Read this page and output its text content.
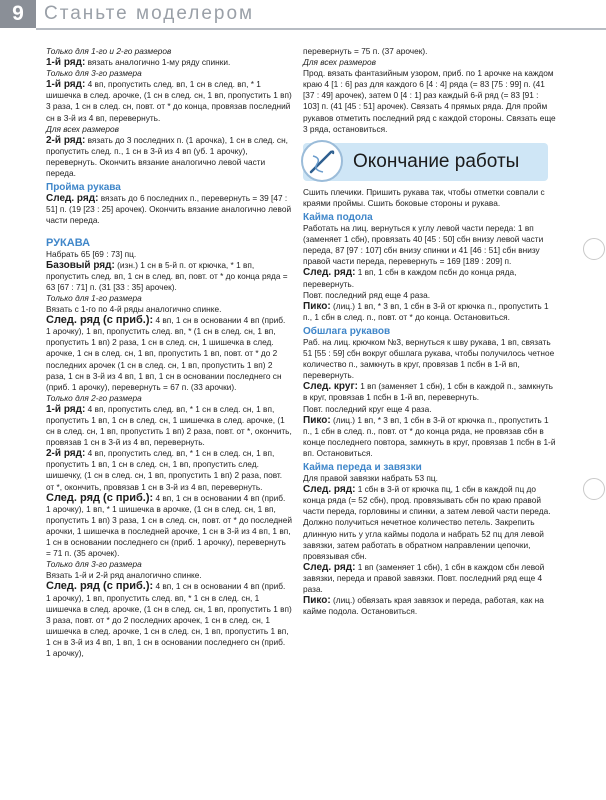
9	Станьте моделером

Только для 1-го и 2-го размеров

1-й ряд: вязать аналогично 1-му ряду спинки.

Только для 3-го размера

1-й ряд: 4 вп, пропустить след. вп, 1 сн в след. вп, * 1 шишечка в след. арочке, (1 сн в след. сн, 1 вп, пропустить 1 вп) 3 раза, 1 сн в след. сн, повт. от * до конца, провязав последний сн в 3-й из 4 вп, перевернуть.

Для всех размеров

2-й ряд: вязать до 3 последних п. (1 арочка), 1 сн в след. сн, пропустить след. п., 1 сн в 3-й из 4 вп (уб. 1 арочку), перевернуть. Окончить вязание аналогично левой части переда.

Пройма рукава

След. ряд: вязать до 6 последних п., перевернуть = 39 [47 : 51] п. (19 [23 : 25] арочек). Окончить вязание аналогично левой части переда.

РУКАВА

Набрать 65 [69 : 73] пц.

Базовый ряд: (изн.) 1 сн в 5-й п. от крючка, * 1 вп, пропустить след. вп, 1 сн в след. вп, повт. от * до конца ряда = 63 [67 : 71] п. (31 [33 : 35] арочек).

Только для 1-го размера

Вязать с 1-го по 4-й ряды аналогично спинке.

След. ряд (с приб.): 4 вп, 1 сн в основании 4 вп (приб. 1 арочку), 1 вп, пропустить след. вп, * (1 сн в след. сн, 1 вп, пропустить 1 вп) 2 раза, 1 сн в след. сн, 1 шишечка в след. арочке, 1 сн в след. сн, 1 вп, пропустить 1 вп, повт. от * до 2 последних арочек (1 сн в след. сн, 1 вп, пропустить 1 вп) 2 раза, 1 сн в 3-й из 4 вп, 1 вп, 1 сн в основании последнего сн (приб. 1 арочку), перевернуть = 67 п. (33 арочки).

Только для 2-го размера

1-й ряд: 4 вп, пропустить след. вп, * 1 сн в след. сн, 1 вп, пропустить 1 вп, 1 сн в след. сн, 1 шишечка в след. арочке, (1 сн в след. сн, 1 вп, пропустить 1 вп) 2 раза, повт. от *, окончить, провязав 1 сн в 3-й из 4 вп, перевернуть.

2-й ряд: 4 вп, пропустить след. вп, * 1 сн в след. сн, 1 вп, пропустить 1 вп, 1 сн в след. сн, 1 вп, пропустить след. шишечку, (1 сн в след. сн, 1 вп, пропустить 1 вп) 2 раза, повт. от *, окончить, провязав 1 сн в 3-й из 4 вп, перевернуть.

След. ряд (с приб.): 4 вп, 1 сн в основании 4 вп (приб. 1 арочку), 1 вп, * 1 шишечка в арочке, (1 сн в след. сн, 1 вп, пропустить 1 вп) 3 раза, 1 сн в след. сн, повт. от * до последней арочки, 1 шишечка в последней арочке, 1 сн в 3-й из 4 вп, 1 вп, 1 сн в основании последнего сн (приб. 1 арочку), перевернуть = 71 п. (35 арочек).

Только для 3-го размера

Вязать 1-й и 2-й ряд аналогично спинке.

След. ряд (с приб.): 4 вп, 1 сн в основании 4 вп (приб. 1 арочку), 1 вп, пропустить след. вп, * 1 сн в след. сн, 1 шишечка в след. арочке, (1 сн в след. сн, 1 вп, пропустить 1 вп) 3 раза, повт. от * до 2 последних арочек, 1 сн в след. сн, 1 шишечка в след. арочке, 1 сн в след. сн, 1 вп, пропустить 1 вп, 1 сн в 3-й из 4 вп, 1 вп, 1 сн в основании последнего сн (приб. 1 арочку),

перевернуть = 75 п. (37 арочек).

Для всех размеров

Прод. вязать фантазийным узором, приб. по 1 арочке на каждом краю 4 [1 : 6] раз для каждого 6 [4 : 4] ряда (= 83 [75 : 99] п. (41 [37 : 49] арочек), затем 0 [4 : 1] раз каждый 6-й ряд (= 83 [91 : 103] п. (41 [45 : 51] арочек). Связать 4 прямых ряда. Для пройм рукавов отметить последний ряд с каждой стороны. Связать еще 3 ряда, остановиться.

Окончание работы

Сшить плечики. Пришить рукава так, чтобы отметки совпали с краями проймы. Сшить боковые стороны и рукава.

Кайма подола

Работать на лиц. вернуться к углу левой части переда: 1 вп (заменяет 1 сбн), провязать 40 [45 : 50] сбн внизу левой части переда, 87 [97 : 107] сбн внизу спинки и 41 [46 : 51] сбн внизу правой части переда, перевернуть = 169 [189 : 209] п.

След. ряд: 1 вп, 1 сбн в каждом псбн до конца ряда, перевернуть.

Повт. последний ряд еще 4 раза.

Пико: (лиц.) 1 вп, * 3 вп, 1 сбн в 3-й от крючка п., пропустить 1 п., 1 сбн в след. п., повт. от * до конца. Остановиться.

Обшлага рукавов

Раб. на лиц. крючком №3, вернуться к шву рукава, 1 вп, связать 51 [55 : 59] сбн вокруг обшлага рукава, чтобы получилось четное количество п., замкнуть в круг, провязав 1 псбн в 1-й вп, перевернуть.

След. круг: 1 вп (заменяет 1 сбн), 1 сбн в каждой п., замкнуть в круг, провязав 1 псбн в 1-й вп, перевернуть.

Повт. последний круг еще 4 раза.

Пико: (лиц.) 1 вп, * 3 вп, 1 сбн в 3-й от крючка п., пропустить 1 п., 1 сбн в след. п., повт. от * до конца ряда, не провязав сбн в конце последнего повтора, замкнуть в круг, провязав 1 псбн в 1-й вп. Остановиться.

Кайма переда и завязки

Для правой завязки набрать 53 пц.

След. ряд: 1 сбн в 3-й от крючка пц, 1 сбн в каждой пц до конца ряда (= 52 сбн), прод. провязывать сбн по краю правой части переда, горловины и спинки, а затем левой части переда. Должно получиться нечетное количество петель. Закрепить длинную нить у угла каймы подола и набрать 52 пц для левой завязки, затем работать в обратном направлении цепочки, провязывая сбн.

След. ряд: 1 вп (заменяет 1 сбн), 1 сбн в каждом сбн левой завязки, переда и правой завязки. Повт. последний ряд еще 4 раза.

Пико: (лиц.) обвязать края завязок и переда, работая, как на кайме подола. Остановиться.
